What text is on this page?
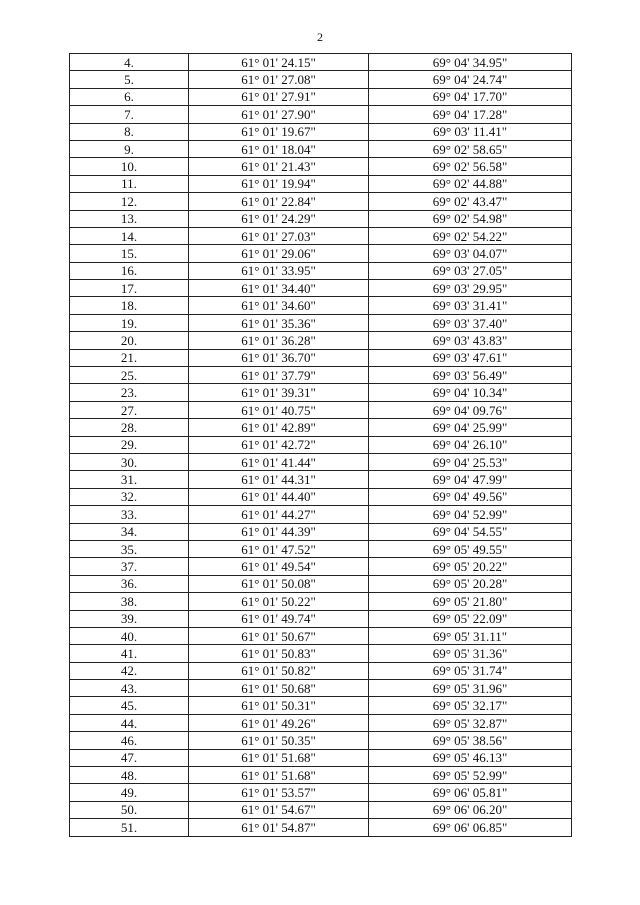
2
4.	61° 01' 24.15"	69° 04' 34.95"
5.	61° 01' 27.08"	69° 04' 24.74"
6.	61° 01' 27.91"	69° 04' 17.70"
7.	61° 01' 27.90"	69° 04' 17.28"
8.	61° 01' 19.67"	69° 03' 11.41"
9.	61° 01' 18.04"	69° 02' 58.65"
10.	61° 01' 21.43"	69° 02' 56.58"
11.	61° 01' 19.94"	69° 02' 44.88"
12.	61° 01' 22.84"	69° 02' 43.47"
13.	61° 01' 24.29"	69° 02' 54.98"
14.	61° 01' 27.03"	69° 02' 54.22"
15.	61° 01' 29.06"	69° 03' 04.07"
16.	61° 01' 33.95"	69° 03' 27.05"
17.	61° 01' 34.40"	69° 03' 29.95"
18.	61° 01' 34.60"	69° 03' 31.41"
19.	61° 01' 35.36"	69° 03' 37.40"
20.	61° 01' 36.28"	69° 03' 43.83"
21.	61° 01' 36.70"	69° 03' 47.61"
25.	61° 01' 37.79"	69° 03' 56.49"
23.	61° 01' 39.31"	69° 04' 10.34"
27.	61° 01' 40.75"	69° 04' 09.76"
28.	61° 01' 42.89"	69° 04' 25.99"
29.	61° 01' 42.72"	69° 04' 26.10"
30.	61° 01' 41.44"	69° 04' 25.53"
31.	61° 01' 44.31"	69° 04' 47.99"
32.	61° 01' 44.40"	69° 04' 49.56"
33.	61° 01' 44.27"	69° 04' 52.99"
34.	61° 01' 44.39"	69° 04' 54.55"
35.	61° 01' 47.52"	69° 05' 49.55"
37.	61° 01' 49.54"	69° 05' 20.22"
36.	61° 01' 50.08"	69° 05' 20.28"
38.	61° 01' 50.22"	69° 05' 21.80"
39.	61° 01' 49.74"	69° 05' 22.09"
40.	61° 01' 50.67"	69° 05' 31.11"
41.	61° 01' 50.83"	69° 05' 31.36"
42.	61° 01' 50.82"	69° 05' 31.74"
43.	61° 01' 50.68"	69° 05' 31.96"
45.	61° 01' 50.31"	69° 05' 32.17"
44.	61° 01' 49.26"	69° 05' 32.87"
46.	61° 01' 50.35"	69° 05' 38.56"
47.	61° 01' 51.68"	69° 05' 46.13"
48.	61° 01' 51.68"	69° 05' 52.99"
49.	61° 01' 53.57"	69° 06' 05.81"
50.	61° 01' 54.67"	69° 06' 06.20"
51.	61° 01' 54.87"	69° 06' 06.85"
